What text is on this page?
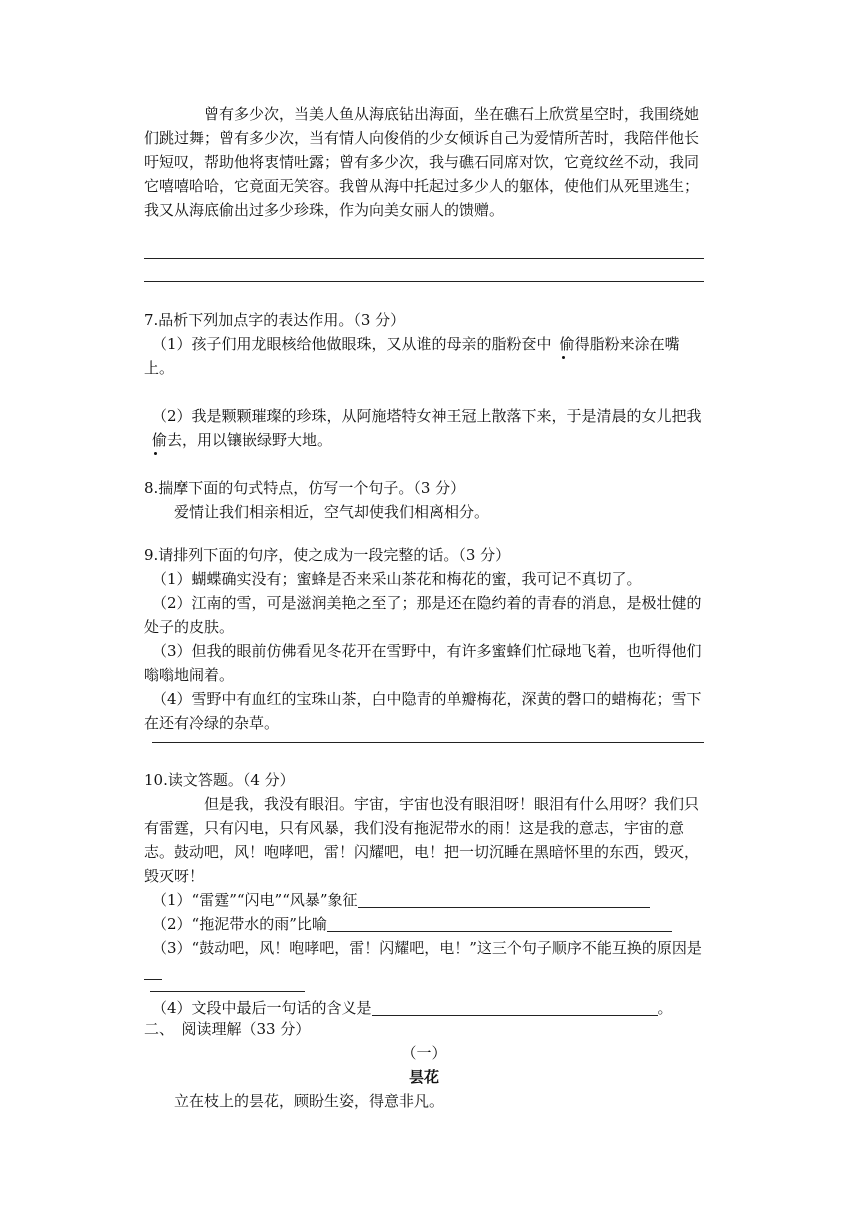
曾有多少次，当美人鱼从海底钻出海面，坐在礁石上欣赏星空时，我围绕她们跳过舞；曾有多少次，当有情人向俊俏的少女倾诉自己为爱情所苦时，我陪伴他长吁短叹，帮助他将衷情吐露；曾有多少次，我与礁石同席对饮，它竟纹丝不动，我同它嘻嘻哈哈，它竟面无笑容。我曾从海中托起过多少人的躯体，使他们从死里逃生；我又从海底偷出过多少珍珠，作为向美女丽人的馈赠。

7.品析下列加点字的表达作用。（3 分）

（1）孩子们用龙眼核给他做眼珠，又从谁的母亲的脂粉奁中 偷得脂粉来涂在嘴上。

（2）我是颗颗璀璨的珍珠，从阿施塔特女神王冠上散落下来，于是清晨的女儿把我偷去，用以镶嵌绿野大地。

8.揣摩下面的句式特点，仿写一个句子。（3 分）

爱情让我们相亲相近，空气却使我们相离相分。

9.请排列下面的句序，使之成为一段完整的话。（3 分）

（1）蝴蝶确实没有；蜜蜂是否来采山茶花和梅花的蜜，我可记不真切了。

（2）江南的雪，可是滋润美艳之至了；那是还在隐约着的青春的消息，是极壮健的处子的皮肤。

（3）但我的眼前仿佛看见冬花开在雪野中，有许多蜜蜂们忙碌地飞着，也听得他们嗡嗡地闹着。

（4）雪野中有血红的宝珠山茶，白中隐青的单瓣梅花，深黄的磬口的蜡梅花；雪下在还有冷绿的杂草。

10.读文答题。（4 分）

但是我，我没有眼泪。宇宙，宇宙也没有眼泪呀！眼泪有什么用呀？我们只有雷霆，只有闪电，只有风暴，我们没有拖泥带水的雨！这是我的意志，宇宙的意志。鼓动吧，风！咆哮吧，雷！闪耀吧，电！把一切沉睡在黑暗怀里的东西，毁灭，毁灭呀！

（1）“雷霆”“闪电”“风暴”象征

（2）“拖泥带水的雨”比喻

（3）“鼓动吧，风！咆哮吧，雷！闪耀吧，电！”这三个句子顺序不能互换的原因是

（4）文段中最后一句话的含义是	。

二、　阅读理解（33 分）

（一）

昙花

立在枝上的昙花，顾盼生姿，得意非凡。
